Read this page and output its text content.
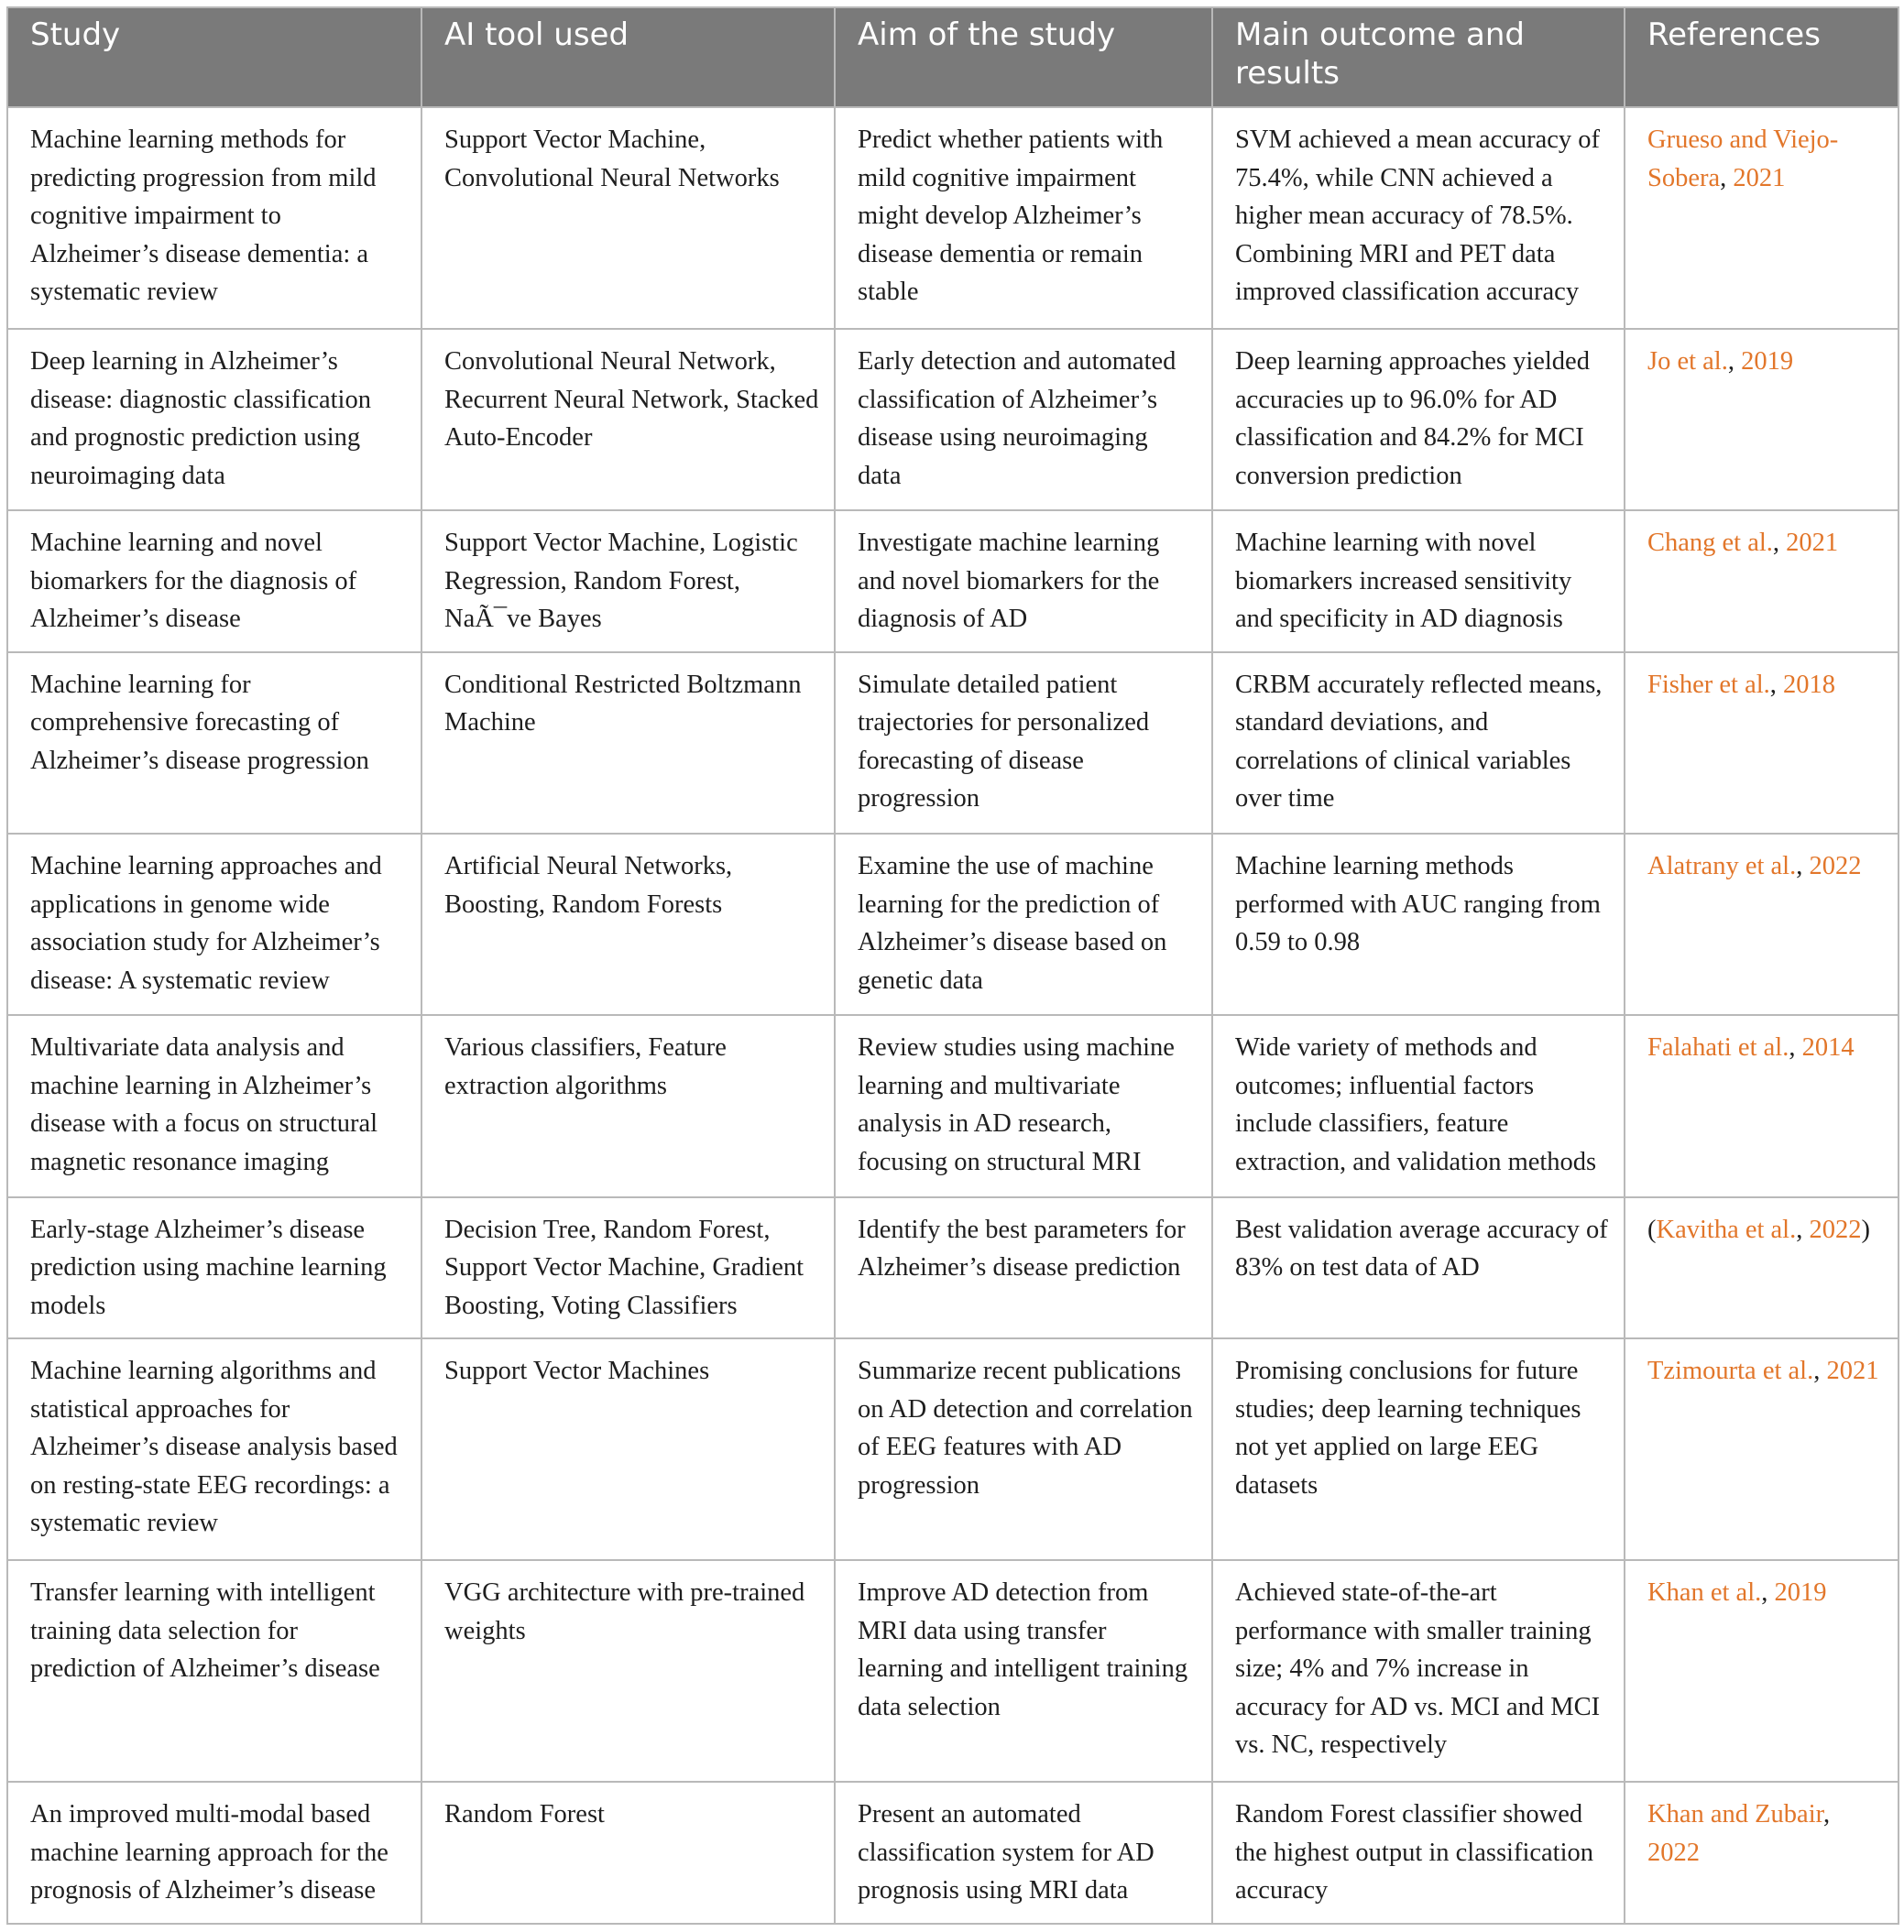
Study	AI tool used	Aim of the study	Main outcome and results	References
Machine learning methods for predicting progression from mild cognitive impairment to Alzheimer’s disease dementia: a systematic review	Support Vector Machine, Convolutional Neural Networks	Predict whether patients with mild cognitive impairment might develop Alzheimer’s disease dementia or remain stable	SVM achieved a mean accuracy of 75.4%, while CNN achieved a higher mean accuracy of 78.5%. Combining MRI and PET data improved classification accuracy	Grueso and Viejo-Sobera, 2021
Deep learning in Alzheimer’s disease: diagnostic classification and prognostic prediction using neuroimaging data	Convolutional Neural Network, Recurrent Neural Network, Stacked Auto-Encoder	Early detection and automated classification of Alzheimer’s disease using neuroimaging data	Deep learning approaches yielded accuracies up to 96.0% for AD classification and 84.2% for MCI conversion prediction	Jo et al., 2019
Machine learning and novel biomarkers for the diagnosis of Alzheimer’s disease	Support Vector Machine, Logistic Regression, Random Forest, NaÃ¯ve Bayes	Investigate machine learning and novel biomarkers for the diagnosis of AD	Machine learning with novel biomarkers increased sensitivity and specificity in AD diagnosis	Chang et al., 2021
Machine learning for comprehensive forecasting of Alzheimer’s disease progression	Conditional Restricted Boltzmann Machine	Simulate detailed patient trajectories for personalized forecasting of disease progression	CRBM accurately reflected means, standard deviations, and correlations of clinical variables over time	Fisher et al., 2018
Machine learning approaches and applications in genome wide association study for Alzheimer’s disease: A systematic review	Artificial Neural Networks, Boosting, Random Forests	Examine the use of machine learning for the prediction of Alzheimer’s disease based on genetic data	Machine learning methods performed with AUC ranging from 0.59 to 0.98	Alatrany et al., 2022
Multivariate data analysis and machine learning in Alzheimer’s disease with a focus on structural magnetic resonance imaging	Various classifiers, Feature extraction algorithms	Review studies using machine learning and multivariate analysis in AD research, focusing on structural MRI	Wide variety of methods and outcomes; influential factors include classifiers, feature extraction, and validation methods	Falahati et al., 2014
Early-stage Alzheimer’s disease prediction using machine learning models	Decision Tree, Random Forest, Support Vector Machine, Gradient Boosting, Voting Classifiers	Identify the best parameters for Alzheimer’s disease prediction	Best validation average accuracy of 83% on test data of AD	(Kavitha et al., 2022)
Machine learning algorithms and statistical approaches for Alzheimer’s disease analysis based on resting-state EEG recordings: a systematic review	Support Vector Machines	Summarize recent publications on AD detection and correlation of EEG features with AD progression	Promising conclusions for future studies; deep learning techniques not yet applied on large EEG datasets	Tzimourta et al., 2021
Transfer learning with intelligent training data selection for prediction of Alzheimer’s disease	VGG architecture with pre-trained weights	Improve AD detection from MRI data using transfer learning and intelligent training data selection	Achieved state-of-the-art performance with smaller training size; 4% and 7% increase in accuracy for AD vs. MCI and MCI vs. NC, respectively	Khan et al., 2019
An improved multi-modal based machine learning approach for the prognosis of Alzheimer’s disease	Random Forest	Present an automated classification system for AD prognosis using MRI data	Random Forest classifier showed the highest output in classification accuracy	Khan and Zubair, 2022
